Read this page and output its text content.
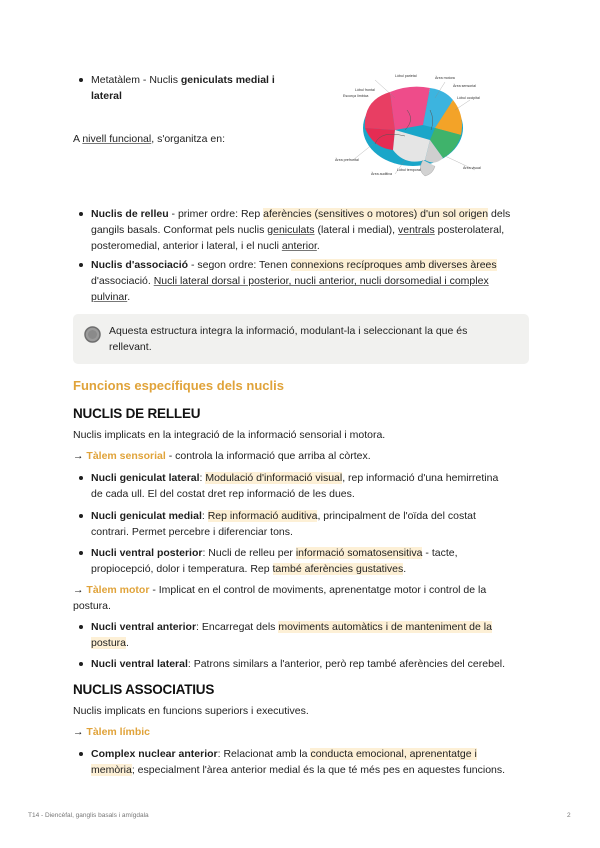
Metatàlem - Nuclis geniculats medial i
lateral
A nivell funcional, s'organitza en:
Lòbul frontal
Lòbul parietal
Lòbul occipital
Lòbul temporal
Àrea motora
Àrea sensorial
Àrea visual
Àrea auditiva
Àrea prefrontal
Escorça límbica
Nuclis de relleu - primer ordre: Rep aferències (sensitives o motores) d'un sol origen dels
gangils basals. Conformat pels nuclis geniculats (lateral i medial), ventrals posterolateral,
posteromedial, anterior i lateral, i el nucli anterior.
Nuclis d'associació - segon ordre: Tenen connexions recíproques amb diverses àrees
d'associació. Nucli lateral dorsal i posterior, nucli anterior, nucli dorsomedial i complex
pulvinar.
Aquesta estructura integra la informació, modulant-la i seleccionant la que és
rellevant.
Funcions específiques dels nuclis
NUCLIS DE RELLEU
Nuclis implicats en la integració de la informació sensorial i motora.
→ Tàlem sensorial - controla la informació que arriba al còrtex.
Nucli geniculat lateral: Modulació d'informació visual, rep informació d'una hemirretina
de cada ull. El del costat dret rep informació de les dues.
Nucli geniculat medial: Rep informació auditiva, principalment de l'oïda del costat
contrari. Permet percebre i diferenciar tons.
Nucli ventral posterior: Nucli de relleu per informació somatosensitiva - tacte,
propiocepció, dolor i temperatura. Rep també aferències gustatives.
→ Tàlem motor - Implicat en el control de moviments, aprenentatge motor i control de la
postura.
Nucli ventral anterior: Encarregat dels moviments automàtics i de manteniment de la
postura.
Nucli ventral lateral: Patrons similars a l'anterior, però rep també aferències del cerebel.
NUCLIS ASSOCIATIUS
Nuclis implicats en funcions superiors i executives.
→ Tàlem límbic
Complex nuclear anterior: Relacionat amb la conducta emocional, aprenentatge i
memòria; especialment l'àrea anterior medial és la que té més pes en aquestes funcions.
T14 - Diencèfal, ganglis basals i amígdala	2
